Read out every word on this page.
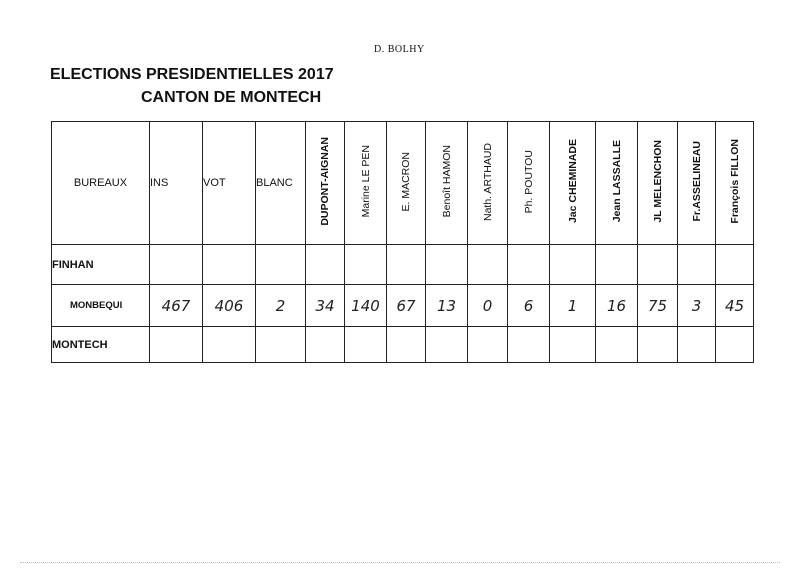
D. BOLHY
ELECTIONS PRESIDENTIELLES 2017
CANTON DE MONTECH
BUREAUX	INS	VOT	BLANC	DUPONT-AIGNAN	Marine LE PEN	E. MACRON	Benoît HAMON	Nath. ARTHAUD	Ph. POUTOU	Jac CHEMINADE	Jean LASSALLE	JL MELENCHON	Fr.ASSELINEAU	François FILLON
FINHAN														
MONBEQUI	467	406	2	34	140	67	13	0	6	1	16	75	3	45
MONTECH														
